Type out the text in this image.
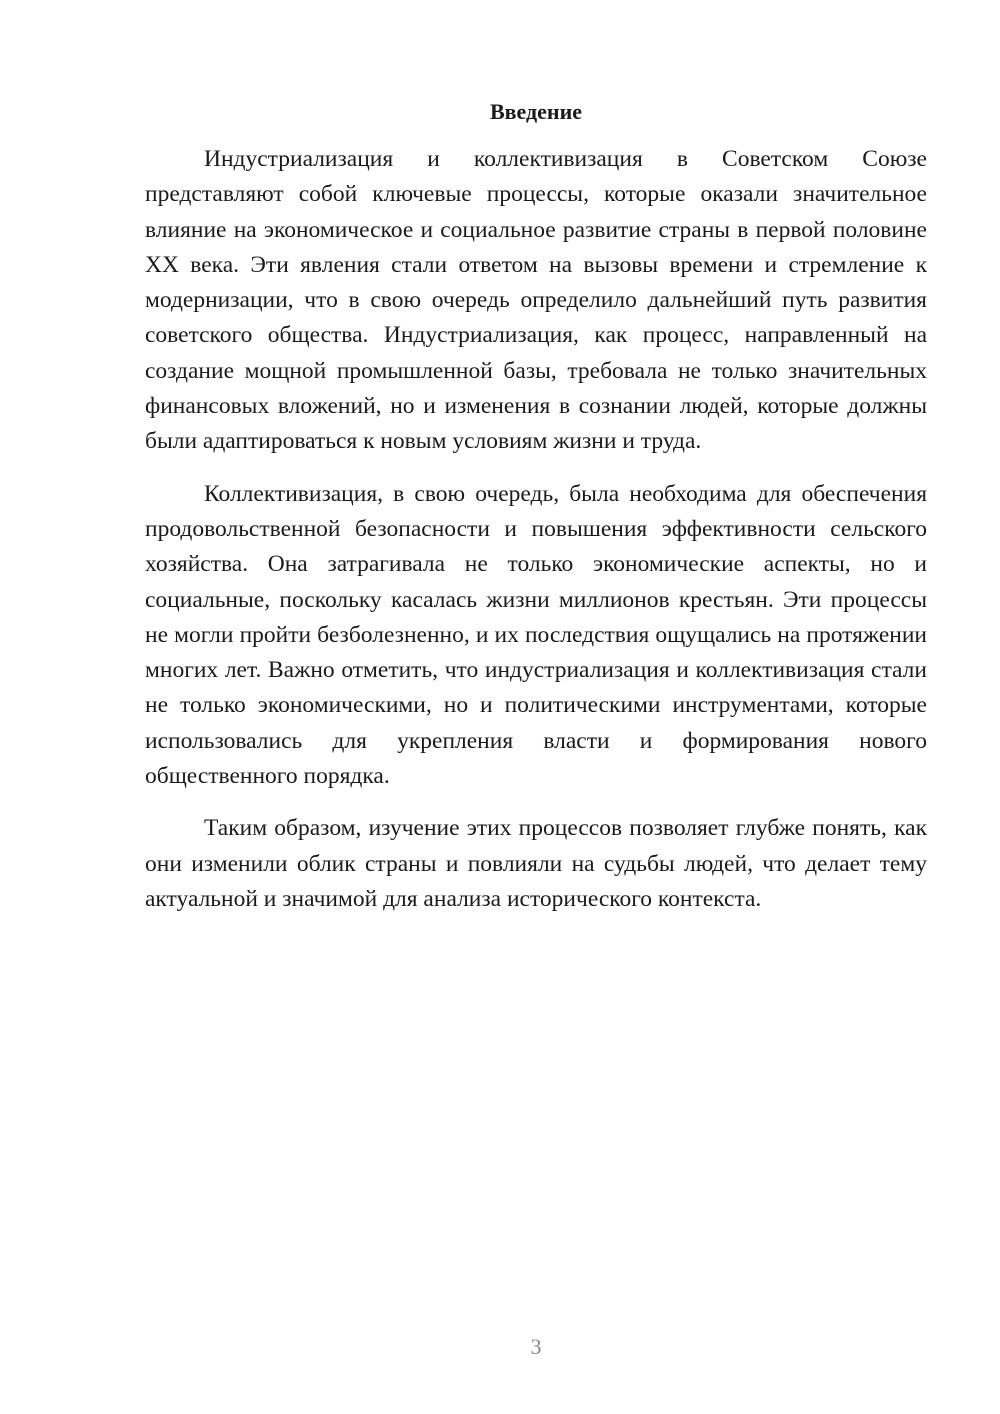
Введение

Индустриализация и коллективизация в Советском Союзе представляют собой ключевые процессы, которые оказали значительное влияние на экономическое и социальное развитие страны в первой половине XX века. Эти явления стали ответом на вызовы времени и стремление к модернизации, что в свою очередь определило дальнейший путь развития советского общества. Индустриализация, как процесс, направленный на создание мощной промышленной базы, требовала не только значительных финансовых вложений, но и изменения в сознании людей, которые должны были адаптироваться к новым условиям жизни и труда.

Коллективизация, в свою очередь, была необходима для обеспечения продовольственной безопасности и повышения эффективности сельского хозяйства. Она затрагивала не только экономические аспекты, но и социальные, поскольку касалась жизни миллионов крестьян. Эти процессы не могли пройти безболезненно, и их последствия ощущались на протяжении многих лет. Важно отметить, что индустриализация и коллективизация стали не только экономическими, но и политическими инструментами, которые использовались для укрепления власти и формирования нового общественного порядка.

Таким образом, изучение этих процессов позволяет глубже понять, как они изменили облик страны и повлияли на судьбы людей, что делает тему актуальной и значимой для анализа исторического контекста.

3
